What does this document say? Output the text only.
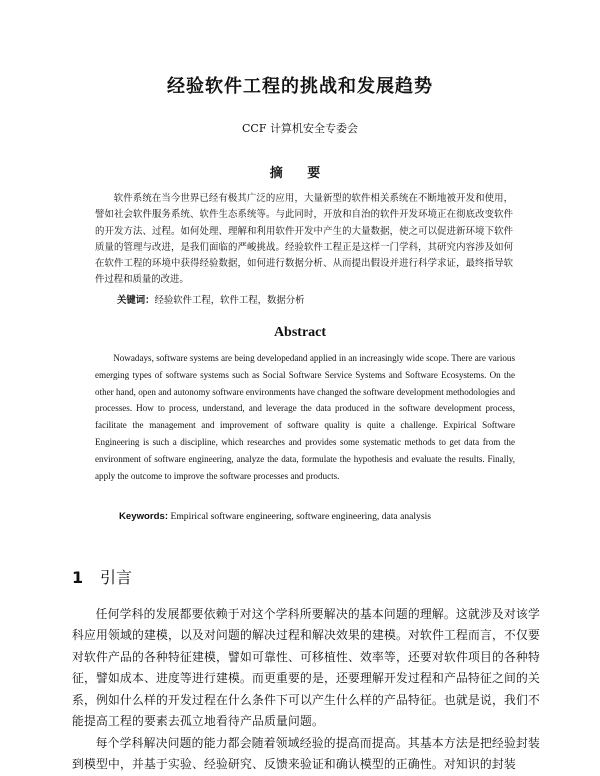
经验软件工程的挑战和发展趋势
CCF 计算机安全专委会
摘 要

软件系统在当今世界已经有极其广泛的应用，大量新型的软件相关系统在不断地被开发和使用，譬如社会软件服务系统、软件生态系统等。与此同时，开放和自治的软件开发环境正在彻底改变软件的开发方法、过程。如何处理、理解和利用软件开发中产生的大量数据，使之可以促进新环境下软件质量的管理与改进，是我们面临的严峻挑战。经验软件工程正是这样一门学科，其研究内容涉及如何在软件工程的环境中获得经验数据，如何进行数据分析、从而提出假设并进行科学求证，最终指导软件过程和质量的改进。

关键词：经验软件工程，软件工程，数据分析
Abstract

Nowadays, software systems are being developedand applied in an increasingly wide scope. There are various emerging types of software systems such as Social Software Service Systems and Software Ecosystems. On the other hand, open and autonomy software environments have changed the software development methodologies and processes. How to process, understand, and leverage the data produced in the software development process, facilitate the management and improvement of software quality is quite a challenge. Expirical Software Engineering is such a discipline, which researches and provides some systematic methods to get data from the environment of software engineering, analyze the data, formulate the hypothesis and evaluate the results. Finally, apply the outcome to improve the software processes and products.

Keywords: Empirical software engineering, software engineering, data analysis
1 引言

任何学科的发展都要依赖于对这个学科所要解决的基本问题的理解。这就涉及对该学科应用领域的建模，以及对问题的解决过程和解决效果的建模。对软件工程而言，不仅要对软件产品的各种特征建模，譬如可靠性、可移植性、效率等，还要对软件项目的各种特征，譬如成本、进度等进行建模。而更重要的是，还要理解开发过程和产品特征之间的关系，例如什么样的开发过程在什么条件下可以产生什么样的产品特征。也就是说，我们不能提高工程的要素去孤立地看待产品质量问题。

每个学科解决问题的能力都会随着领域经验的提高而提高。其基本方法是把经验封装到模型中，并基于实验、经验研究、反馈来验证和确认模型的正确性。对知识的封装
